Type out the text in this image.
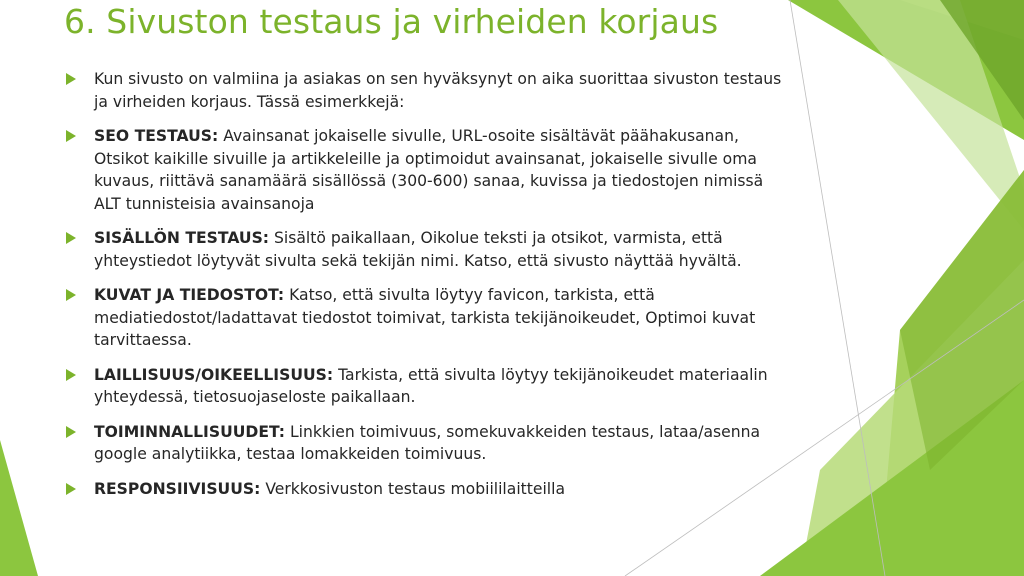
6. Sivuston testaus ja virheiden korjaus
Kun sivusto on valmiina ja asiakas on sen hyväksynyt on aika suorittaa sivuston testaus ja virheiden korjaus. Tässä esimerkkejä:
SEO TESTAUS: Avainsanat jokaiselle sivulle, URL-osoite sisältävät päähakusanan, Otsikot kaikille sivuille ja artikkeleille ja optimoidut avainsanat, jokaiselle sivulle oma kuvaus, riittävä sanamäärä sisällössä (300-600) sanaa, kuvissa ja tiedostojen nimissä ALT tunnisteisia avainsanoja
SISÄLLÖN TESTAUS: Sisältö paikallaan, Oikolue teksti ja otsikot, varmista, että yhteystiedot löytyvät sivulta sekä tekijän nimi. Katso, että sivusto näyttää hyvältä.
KUVAT JA TIEDOSTOT: Katso, että sivulta löytyy favicon, tarkista, että mediatiedostot/ladattavat tiedostot toimivat, tarkista tekijänoikeudet, Optimoi kuvat tarvittaessa.
LAILLISUUS/OIKEELLISUUS: Tarkista, että sivulta löytyy tekijänoikeudet materiaalin yhteydessä, tietosuojaseloste paikallaan.
TOIMINNALLISUUDET: Linkkien toimivuus, somekuvakkeiden testaus, lataa/asenna google analytiikka, testaa lomakkeiden toimivuus.
RESPONSIIVISUUS: Verkkosivuston testaus mobiililaitteilla
